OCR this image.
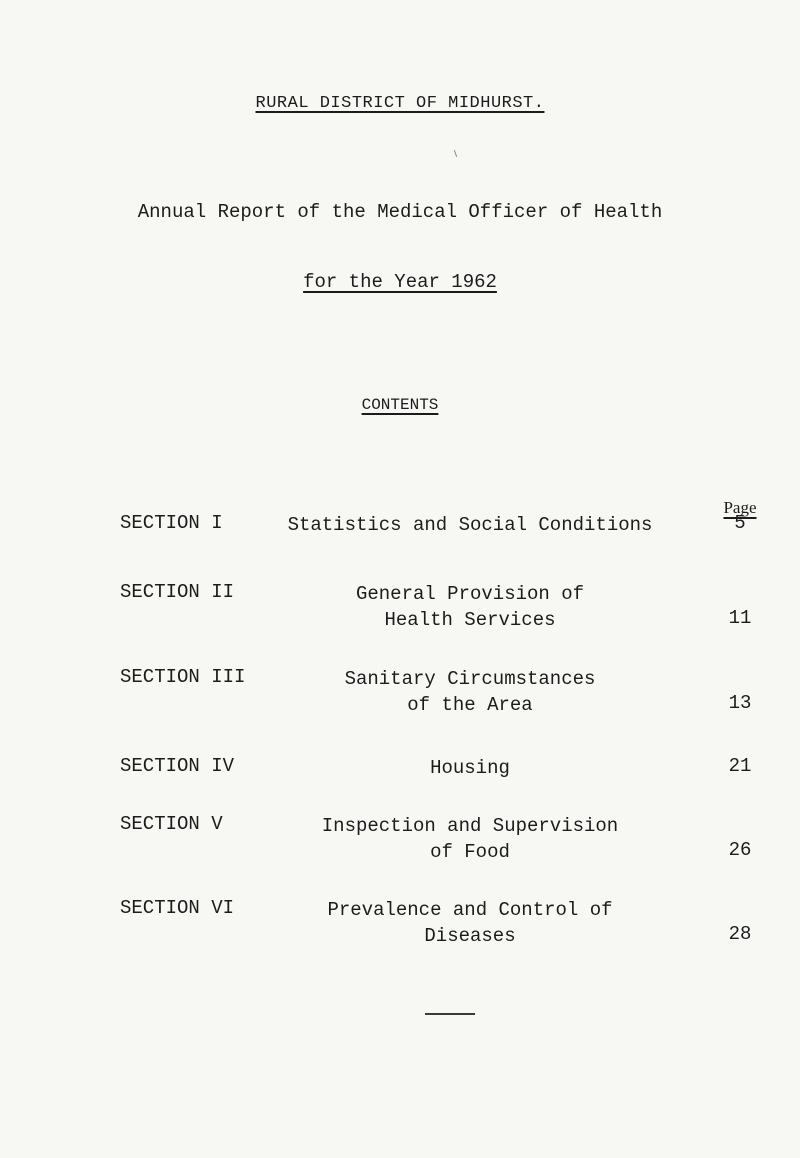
RURAL DISTRICT OF MIDHURST.
Annual Report of the Medical Officer of Health
for the Year 1962
CONTENTS
Page
SECTION I	Statistics and Social Conditions	5
SECTION II	General Provision of
Health Services	11
SECTION III	Sanitary Circumstances
of the Area	13
SECTION IV	Housing	21
SECTION V	Inspection and Supervision
of Food	26
SECTION VI	Prevalence and Control of
Diseases	28
